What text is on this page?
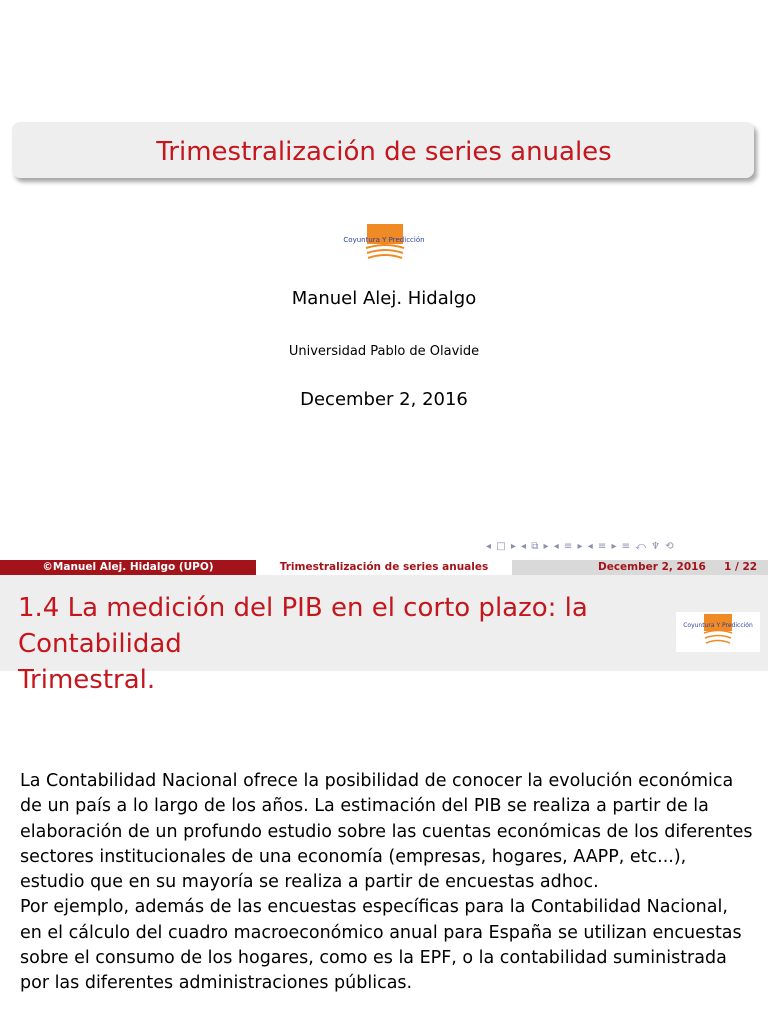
Trimestralización de series anuales
Coyuntura Y Predicción
Manuel Alej. Hidalgo
Universidad Pablo de Olavide
December 2, 2016
◂ □ ▸ ◂ ⧉ ▸ ◂ ≡ ▸ ◂ ≡ ▸ ≡ ⤺ ♆ ⟲
©Manuel Alej. Hidalgo (UPO)	Trimestralización de series anuales	December 2, 2016 1 / 22
1.4 La medición del PIB en el corto plazo: la Contabilidad
Trimestral.
Coyuntura Y Predicción
La Contabilidad Nacional ofrece la posibilidad de conocer la evolución económica
de un país a lo largo de los años. La estimación del PIB se realiza a partir de la
elaboración de un profundo estudio sobre las cuentas económicas de los diferentes
sectores institucionales de una economía (empresas, hogares, AAPP, etc...),
estudio que en su mayoría se realiza a partir de encuestas adhoc.
Por ejemplo, además de las encuestas específicas para la Contabilidad Nacional,
en el cálculo del cuadro macroeconómico anual para España se utilizan encuestas
sobre el consumo de los hogares, como es la EPF, o la contabilidad suministrada
por las diferentes administraciones públicas.
